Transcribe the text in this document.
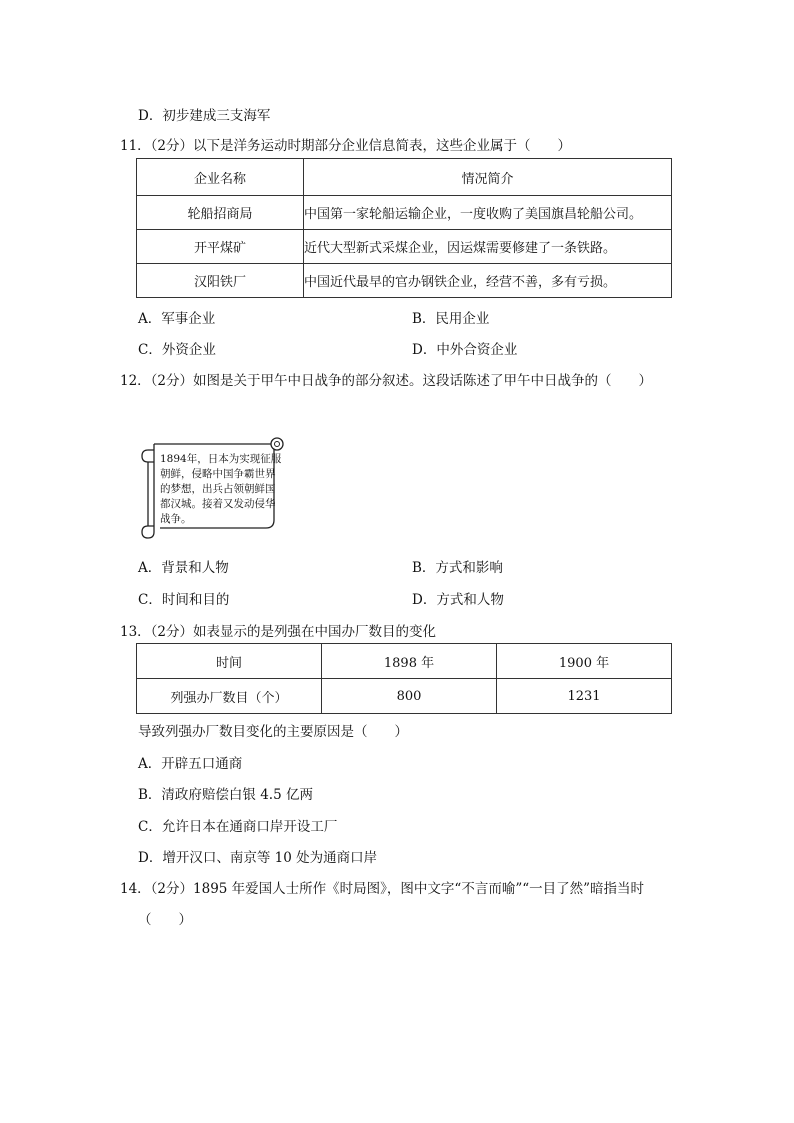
D．初步建成三支海军
11．（2分）以下是洋务运动时期部分企业信息简表，这些企业属于（　　）
企业名称	情况简介
轮船招商局	中国第一家轮船运输企业，一度收购了美国旗昌轮船公司。
开平煤矿	近代大型新式采煤企业，因运煤需要修建了一条铁路。
汉阳铁厂	中国近代最早的官办钢铁企业，经营不善，多有亏损。
A．军事企业	B．民用企业
C．外资企业	D．中外合资企业
12．（2分）如图是关于甲午中日战争的部分叙述。这段话陈述了甲午中日战争的（　　）
1894年，日本为实现征服朝鲜，侵略中国争霸世界的梦想，出兵占领朝鲜国都汉城。接着又发动侵华战争。
A．背景和人物	B．方式和影响
C．时间和目的	D．方式和人物
13．（2分）如表显示的是列强在中国办厂数目的变化
时间	1898 年	1900 年
列强办厂数目（个）	800	1231
导致列强办厂数目变化的主要原因是（　　）
A．开辟五口通商
B．清政府赔偿白银 4.5 亿两
C．允许日本在通商口岸开设工厂
D．增开汉口、南京等 10 处为通商口岸
14．（2分）1895 年爱国人士所作《时局图》，图中文字“不言而喻”“一目了然”暗指当时
（　　）
